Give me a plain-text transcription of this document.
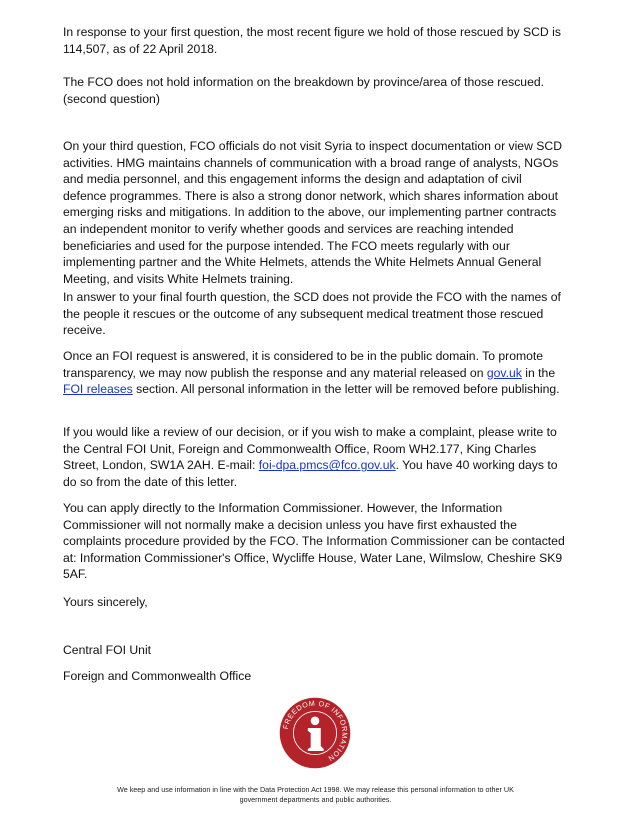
In response to your first question, the most recent figure we hold of those rescued by SCD is 114,507, as of 22 April 2018.

The FCO does not hold information on the breakdown by province/area of those rescued. (second question)

On your third question, FCO officials do not visit Syria to inspect documentation or view SCD activities. HMG maintains channels of communication with a broad range of analysts, NGOs and media personnel, and this engagement informs the design and adaptation of civil defence programmes. There is also a strong donor network, which shares information about emerging risks and mitigations. In addition to the above, our implementing partner contracts an independent monitor to verify whether goods and services are reaching intended beneficiaries and used for the purpose intended. The FCO meets regularly with our implementing partner and the White Helmets, attends the White Helmets Annual General Meeting, and visits White Helmets training.

In answer to your final fourth question, the SCD does not provide the FCO with the names of the people it rescues or the outcome of any subsequent medical treatment those rescued receive.

Once an FOI request is answered, it is considered to be in the public domain. To promote transparency, we may now publish the response and any material released on gov.uk in the FOI releases section. All personal information in the letter will be removed before publishing.

If you would like a review of our decision, or if you wish to make a complaint, please write to the Central FOI Unit, Foreign and Commonwealth Office, Room WH2.177, King Charles Street, London, SW1A 2AH. E-mail: foi-dpa.pmcs@fco.gov.uk. You have 40 working days to do so from the date of this letter.

You can apply directly to the Information Commissioner. However, the Information Commissioner will not normally make a decision unless you have first exhausted the complaints procedure provided by the FCO. The Information Commissioner can be contacted at: Information Commissioner's Office, Wycliffe House, Water Lane, Wilmslow, Cheshire SK9 5AF.

Yours sincerely,

Central FOI Unit

Foreign and Commonwealth Office

FREEDOM OF INFORMATION
We keep and use information in line with the Data Protection Act 1998. We may release this personal information to other UK
government departments and public authorities.
